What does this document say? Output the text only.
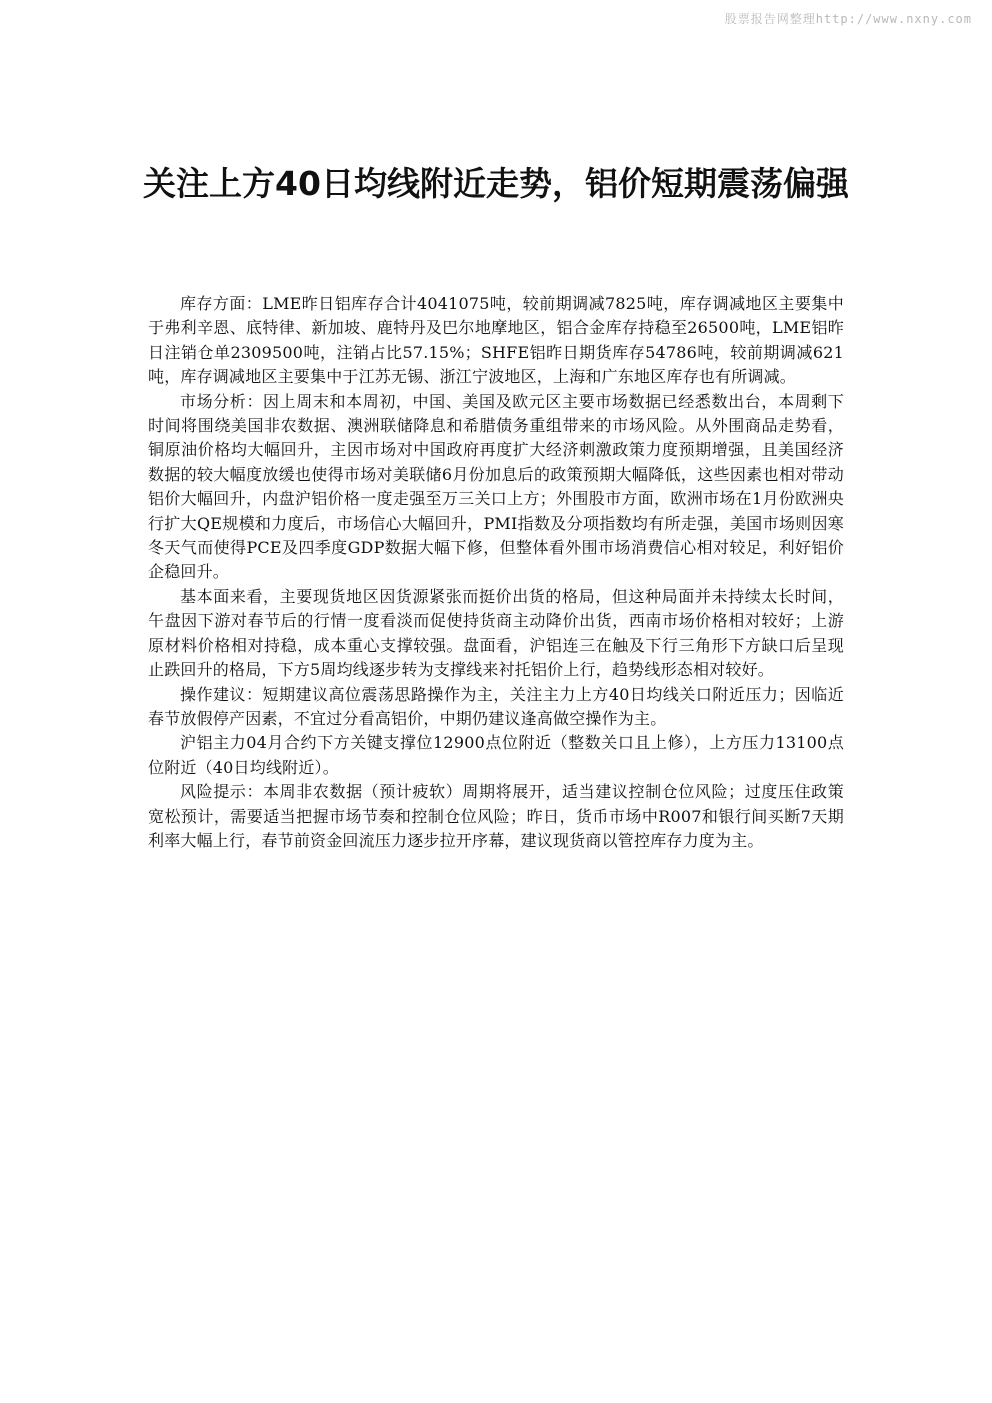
股票报告网整理http://www.nxny.com
关注上方40日均线附近走势，铝价短期震荡偏强

库存方面：LME昨日铝库存合计4041075吨，较前期调减7825吨，库存调减地区主要集中于弗利辛恩、底特律、新加坡、鹿特丹及巴尔地摩地区，铝合金库存持稳至26500吨，LME铝昨日注销仓单2309500吨，注销占比57.15%；SHFE铝昨日期货库存54786吨，较前期调减621吨，库存调减地区主要集中于江苏无锡、浙江宁波地区，上海和广东地区库存也有所调减。

市场分析：因上周末和本周初，中国、美国及欧元区主要市场数据已经悉数出台，本周剩下时间将围绕美国非农数据、澳洲联储降息和希腊债务重组带来的市场风险。从外围商品走势看，铜原油价格均大幅回升，主因市场对中国政府再度扩大经济刺激政策力度预期增强，且美国经济数据的较大幅度放缓也使得市场对美联储6月份加息后的政策预期大幅降低，这些因素也相对带动铝价大幅回升，内盘沪铝价格一度走强至万三关口上方；外围股市方面，欧洲市场在1月份欧洲央行扩大QE规模和力度后，市场信心大幅回升，PMI指数及分项指数均有所走强，美国市场则因寒冬天气而使得PCE及四季度GDP数据大幅下修，但整体看外围市场消费信心相对较足，利好铝价企稳回升。

基本面来看，主要现货地区因货源紧张而挺价出货的格局，但这种局面并未持续太长时间，午盘因下游对春节后的行情一度看淡而促使持货商主动降价出货，西南市场价格相对较好；上游原材料价格相对持稳，成本重心支撑较强。盘面看，沪铝连三在触及下行三角形下方缺口后呈现止跌回升的格局，下方5周均线逐步转为支撑线来衬托铝价上行，趋势线形态相对较好。

操作建议：短期建议高位震荡思路操作为主，关注主力上方40日均线关口附近压力；因临近春节放假停产因素，不宜过分看高铝价，中期仍建议逢高做空操作为主。

沪铝主力04月合约下方关键支撑位12900点位附近（整数关口且上修），上方压力13100点位附近（40日均线附近）。

风险提示：本周非农数据（预计疲软）周期将展开，适当建议控制仓位风险；过度压住政策宽松预计，需要适当把握市场节奏和控制仓位风险；昨日，货币市场中R007和银行间买断7天期利率大幅上行，春节前资金回流压力逐步拉开序幕，建议现货商以管控库存力度为主。
